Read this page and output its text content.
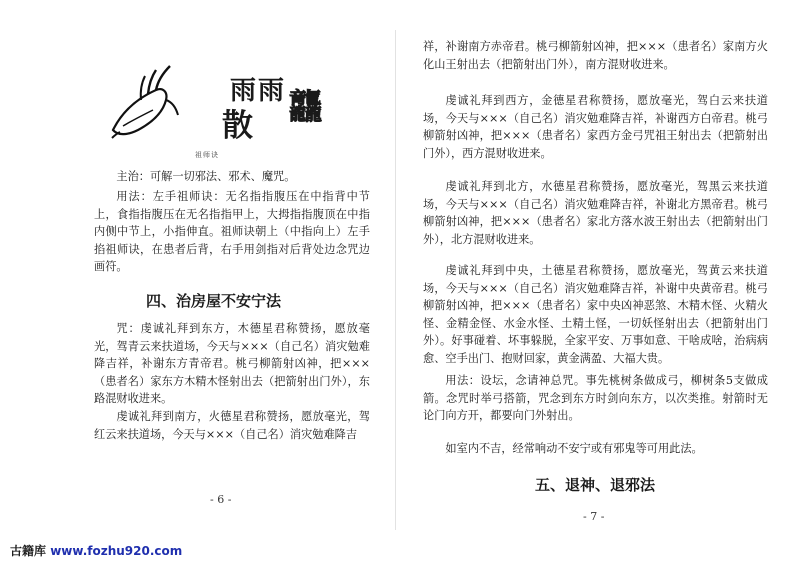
雨雨
散 龘
祖师诀

主治：可解一切邪法、邪术、魔咒。

用法：左手祖师诀：无名指指腹压在中指背中节上，食指指腹压在无名指指甲上，大拇指指腹顶在中指内侧中节上，小指伸直。祖师诀朝上（中指向上）左手掐祖师诀，在患者后背，右手用剑指对后背处边念咒边画符。

四、治房屋不安宁法

咒：虔诚礼拜到东方，木德星君称赞扬，愿放毫光，驾青云来扶道场，今天与×××（自己名）消灾勉难降吉祥，补谢东方青帝君。桃弓柳箭射凶神，把××× （患者名）家东方木精木怪射出去（把箭射出门外），东路混财收进来。

虔诚礼拜到南方，火德星君称赞扬，愿放毫光，驾红云来扶道场，今天与×××（自己名）消灾勉难降吉

- 6 -

祥，补谢南方赤帝君。桃弓柳箭射凶神，把×××（患者名）家南方火化山王射出去（把箭射出门外），南方混财收进来。

虔诚礼拜到西方，金德星君称赞扬，愿放毫光，驾白云来扶道场，今天与×××（自己名）消灾勉难降吉祥，补谢西方白帝君。桃弓柳箭射凶神，把×××（患者名）家西方金弓咒祖王射出去（把箭射出门外），西方混财收进来。

虔诚礼拜到北方，水德星君称赞扬，愿放毫光，驾黑云来扶道场，今天与×××（自己名）消灾勉难降吉祥，补谢北方黑帝君。桃弓柳箭射凶神，把×××（患者名）家北方落水波王射出去（把箭射出门外），北方混财收进来。

虔诚礼拜到中央，土德星君称赞扬，愿放毫光，驾黄云来扶道场，今天与×××（自己名）消灾勉难降吉祥，补谢中央黄帝君。桃弓柳箭射凶神，把×××（患者名）家中央凶神恶煞、木精木怪、火精火怪、金精金怪、水金水怪、土精土怪，一切妖怪射出去（把箭射出门外）。好事碰着、坏事躲脱，全家平安、万事如意、干啥成啥，治病病愈、空手出门、抱财回家，黄金满盈、大福大贵。

用法：设坛，念请神总咒。事先桃树条做成弓，柳树条5支做成箭。念咒时举弓搭箭，咒念到东方时剑向东方，以次类推。射箭时无论门向方开，都要向门外射出。

如室内不吉，经常响动不安宁或有邪鬼等可用此法。

五、退神、退邪法
- 7 -
古籍库 www.fozhu920.com
